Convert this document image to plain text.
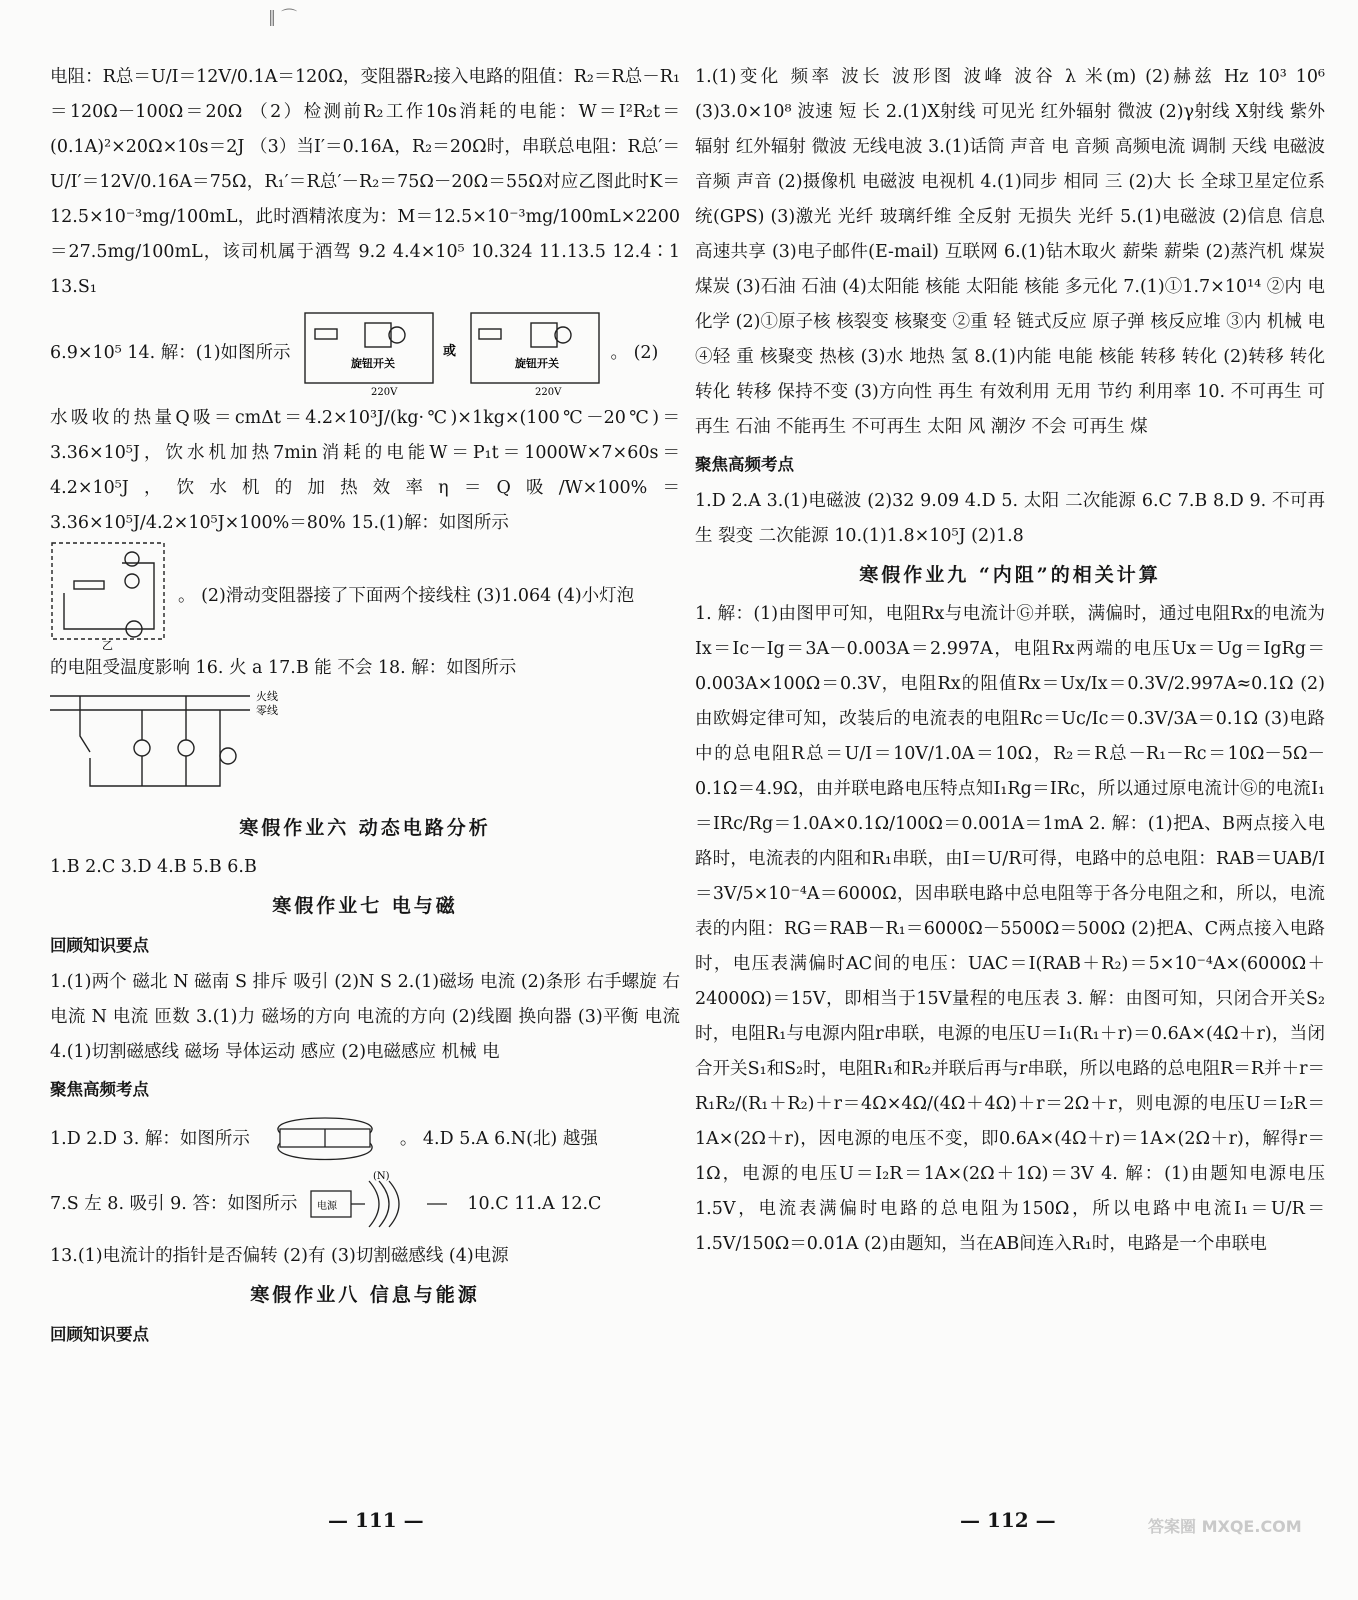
‖ ⌒

电阻：R总＝U/I＝12V/0.1A＝120Ω，变阻器R₂接入电路的阻值：R₂＝R总－R₁＝120Ω－100Ω＝20Ω （2）检测前R₂工作10s消耗的电能：W＝I²R₂t＝(0.1A)²×20Ω×10s＝2J （3）当I′＝0.16A，R₂＝20Ω时，串联总电阻：R总′＝U/I′＝12V/0.16A＝75Ω，R₁′＝R总′－R₂＝75Ω－20Ω＝55Ω对应乙图此时K＝12.5×10⁻³mg/100mL，此时酒精浓度为：M＝12.5×10⁻³mg/100mL×2200＝27.5mg/100mL，该司机属于酒驾 9.2 4.4×10⁵ 10.324 11.13.5 12.4∶1 13.S₁

6.9×10⁵ 14. 解：(1)如图所示
旋钮开关
220V
或
旋钮开关
220V
。 (2)

水吸收的热量Q吸＝cmΔt＝4.2×10³J/(kg·℃)×1kg×(100℃－20℃)＝3.36×10⁵J，饮水机加热7min消耗的电能W＝P₁t＝1000W×7×60s＝4.2×10⁵J，饮水机的加热效率η＝Q吸/W×100%＝3.36×10⁵J/4.2×10⁵J×100%＝80% 15.(1)解：如图所示

乙
。 (2)滑动变阻器接了下面两个接线柱 (3)1.064 (4)小灯泡

的电阻受温度影响 16. 火 a 17.B 能 不会 18. 解：如图所示

火线
零线
寒假作业六 动态电路分析

1.B 2.C 3.D 4.B 5.B 6.B

寒假作业七 电与磁
回顾知识要点

1.(1)两个 磁北 N 磁南 S 排斥 吸引 (2)N S 2.(1)磁场 电流 (2)条形 右手螺旋 右 电流 N 电流 匝数 3.(1)力 磁场的方向 电流的方向 (2)线圈 换向器 (3)平衡 电流 4.(1)切割磁感线 磁场 导体运动 感应 (2)电磁感应 机械 电

聚焦高频考点
1.D 2.D 3. 解：如图所示	。 4.D 5.A 6.N(北) 越强
7.S 左 8. 吸引 9. 答：如图所示 电源
(N)
10.C 11.A 12.C

13.(1)电流计的指针是否偏转 (2)有 (3)切割磁感线 (4)电源

寒假作业八 信息与能源
回顾知识要点

1.(1)变化 频率 波长 波形图 波峰 波谷 λ 米(m) (2)赫兹 Hz 10³ 10⁶ (3)3.0×10⁸ 波速 短 长 2.(1)X射线 可见光 红外辐射 微波 (2)γ射线 X射线 紫外辐射 红外辐射 微波 无线电波 3.(1)话筒 声音 电 音频 高频电流 调制 天线 电磁波 音频 声音 (2)摄像机 电磁波 电视机 4.(1)同步 相同 三 (2)大 长 全球卫星定位系统(GPS) (3)激光 光纤 玻璃纤维 全反射 无损失 光纤 5.(1)电磁波 (2)信息 信息 高速共享 (3)电子邮件(E-mail) 互联网 6.(1)钻木取火 薪柴 薪柴 (2)蒸汽机 煤炭 煤炭 (3)石油 石油 (4)太阳能 核能 太阳能 核能 多元化 7.(1)①1.7×10¹⁴ ②内 电 化学 (2)①原子核 核裂变 核聚变 ②重 轻 链式反应 原子弹 核反应堆 ③内 机械 电 ④轻 重 核聚变 热核 (3)水 地热 氢 8.(1)内能 电能 核能 转移 转化 (2)转移 转化 转化 转移 保持不变 (3)方向性 再生 有效利用 无用 节约 利用率 10. 不可再生 可再生 石油 不能再生 不可再生 太阳 风 潮汐 不会 可再生 煤

聚焦高频考点

1.D 2.A 3.(1)电磁波 (2)32 9.09 4.D 5. 太阳 二次能源 6.C 7.B 8.D 9. 不可再生 裂变 二次能源 10.(1)1.8×10⁵J (2)1.8

寒假作业九 “内阻”的相关计算

1. 解：(1)由图甲可知，电阻Rx与电流计Ⓖ并联，满偏时，通过电阻Rx的电流为Ix＝Ic－Ig＝3A－0.003A＝2.997A，电阻Rx两端的电压Ux＝Ug＝IgRg＝0.003A×100Ω＝0.3V，电阻Rx的阻值Rx＝Ux/Ix＝0.3V/2.997A≈0.1Ω (2)由欧姆定律可知，改装后的电流表的电阻Rc＝Uc/Ic＝0.3V/3A＝0.1Ω (3)电路中的总电阻R总＝U/I＝10V/1.0A＝10Ω，R₂＝R总－R₁－Rc＝10Ω－5Ω－0.1Ω＝4.9Ω，由并联电路电压特点知I₁Rg＝IRc，所以通过原电流计Ⓖ的电流I₁＝IRc/Rg＝1.0A×0.1Ω/100Ω＝0.001A＝1mA 2. 解：(1)把A、B两点接入电路时，电流表的内阻和R₁串联，由I＝U/R可得，电路中的总电阻：RAB＝UAB/I＝3V/5×10⁻⁴A＝6000Ω，因串联电路中总电阻等于各分电阻之和，所以，电流表的内阻：RG＝RAB－R₁＝6000Ω－5500Ω＝500Ω (2)把A、C两点接入电路时，电压表满偏时AC间的电压：UAC＝I(RAB＋R₂)＝5×10⁻⁴A×(6000Ω＋24000Ω)＝15V，即相当于15V量程的电压表 3. 解：由图可知，只闭合开关S₂时，电阻R₁与电源内阻r串联，电源的电压U＝I₁(R₁＋r)＝0.6A×(4Ω＋r)，当闭合开关S₁和S₂时，电阻R₁和R₂并联后再与r串联，所以电路的总电阻R＝R并＋r＝R₁R₂/(R₁＋R₂)＋r＝4Ω×4Ω/(4Ω＋4Ω)＋r＝2Ω＋r，则电源的电压U＝I₂R＝1A×(2Ω＋r)，因电源的电压不变，即0.6A×(4Ω＋r)＝1A×(2Ω＋r)，解得r＝1Ω，电源的电压U＝I₂R＝1A×(2Ω＋1Ω)＝3V 4. 解：(1)由题知电源电压1.5V，电流表满偏时电路的总电阻为150Ω，所以电路中电流I₁＝U/R＝1.5V/150Ω＝0.01A (2)由题知，当在AB间连入R₁时，电路是一个串联电

— 111 —	— 112 —	答案圈 MXQE.COM
